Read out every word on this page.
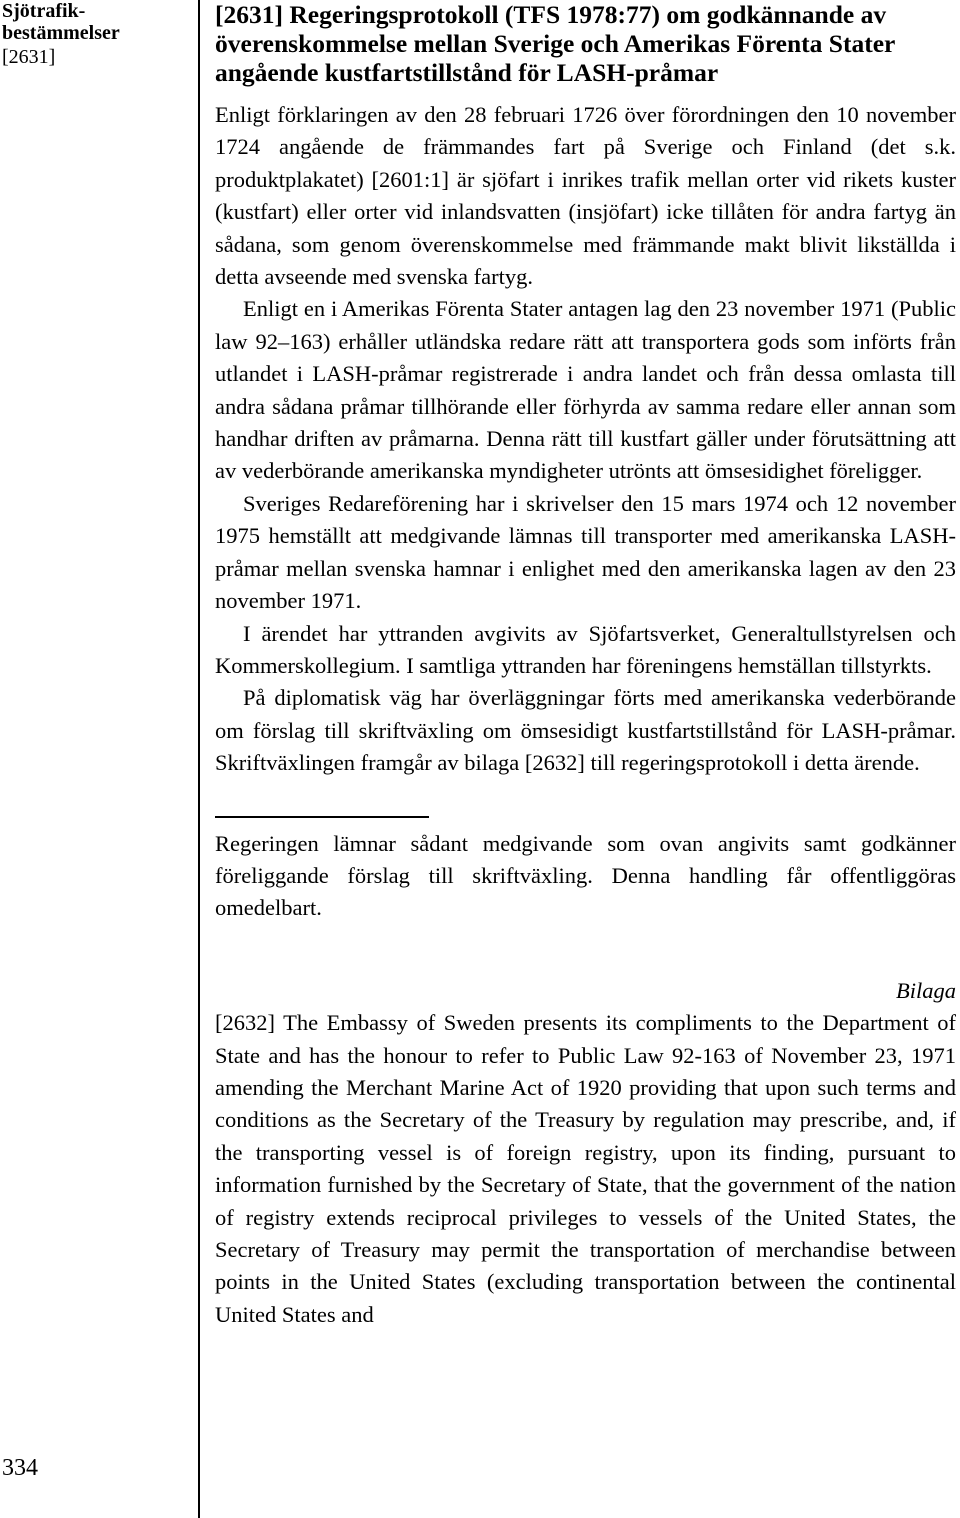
Sjötrafik-bestämmelser
[2631]
334
[2631] Regeringsprotokoll (TFS 1978:77) om godkännande av överenskommelse mellan Sverige och Amerikas Förenta Stater angående kustfartstillstånd för LASH-pråmar

Enligt förklaringen av den 28 februari 1726 över förordningen den 10 november 1724 angående de främmandes fart på Sverige och Finland (det s.k. produktplakatet) [2601:1] är sjöfart i inrikes trafik mellan orter vid rikets kuster (kustfart) eller orter vid inlandsvatten (insjöfart) icke tillåten för andra fartyg än sådana, som genom överenskommelse med främmande makt blivit likställda i detta avseende med svenska fartyg.

Enligt en i Amerikas Förenta Stater antagen lag den 23 november 1971 (Public law 92–163) erhåller utländska redare rätt att transportera gods som införts från utlandet i LASH-pråmar registrerade i andra landet och från dessa omlasta till andra sådana pråmar tillhörande eller förhyrda av samma redare eller annan som handhar driften av pråmarna. Denna rätt till kustfart gäller under förutsättning att av vederbörande amerikanska myndigheter utrönts att ömsesidighet föreligger.

Sveriges Redareförening har i skrivelser den 15 mars 1974 och 12 november 1975 hemställt att medgivande lämnas till transporter med amerikanska LASH-pråmar mellan svenska hamnar i enlighet med den amerikanska lagen av den 23 november 1971.

I ärendet har yttranden avgivits av Sjöfartsverket, Generaltullstyrelsen och Kommerskollegium. I samtliga yttranden har föreningens hemställan tillstyrkts.

På diplomatisk väg har överläggningar förts med amerikanska vederbörande om förslag till skriftväxling om ömsesidigt kustfartstillstånd för LASH-pråmar. Skriftväxlingen framgår av bilaga [2632] till regeringsprotokoll i detta ärende.

Regeringen lämnar sådant medgivande som ovan angivits samt godkänner föreliggande förslag till skriftväxling. Denna handling får offentliggöras omedelbart.

Bilaga

[2632] The Embassy of Sweden presents its compliments to the Department of State and has the honour to refer to Public Law 92-163 of November 23, 1971 amending the Merchant Marine Act of 1920 providing that upon such terms and conditions as the Secretary of the Treasury by regulation may prescribe, and, if the transporting vessel is of foreign registry, upon its finding, pursuant to information furnished by the Secretary of State, that the government of the nation of registry extends reciprocal privileges to vessels of the United States, the Secretary of Treasury may permit the transportation of merchandise between points in the United States (excluding transportation between the continental United States and
